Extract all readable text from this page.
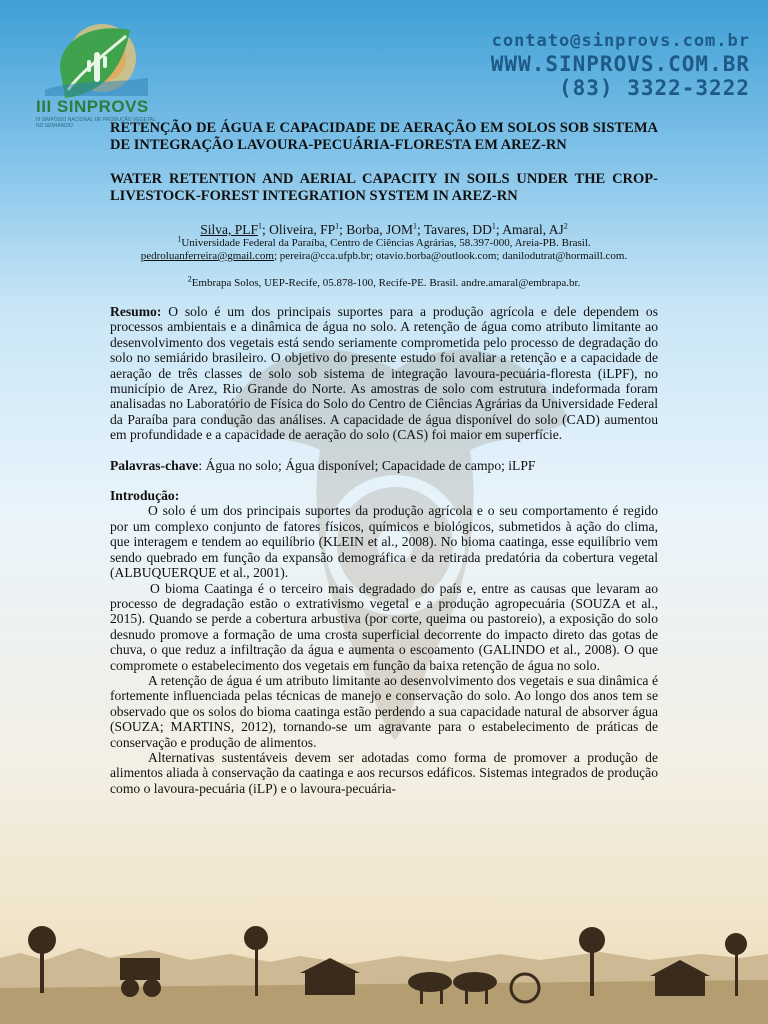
III SINPROVS
III SIMPÓSIO NACIONAL DE PRODUÇÃO VEGETAL NO SEMIÁRIDO
contato@sinprovs.com.br
WWW.SINPROVS.COM.BR
(83) 3322-3222

RETENÇÃO DE ÁGUA E CAPACIDADE DE AERAÇÃO EM SOLOS SOB SISTEMA DE INTEGRAÇÃO LAVOURA-PECUÁRIA-FLORESTA EM AREZ-RN

WATER RETENTION AND AERIAL CAPACITY IN SOILS UNDER THE CROP-LIVESTOCK-FOREST INTEGRATION SYSTEM IN AREZ-RN

Silva, PLF$^1$; Oliveira, $FP^1$; Borba, JOM$^1$; Tavares, $DD^1$; Amaral, $AJ^2$
$^1$Universidade Federal da Paraíba, Centro de Ciências Agrárias, 58.397-000, Areia-PB. Brasil.
pedroluanferreira@gmail.com; pereira@cca.ufpb.br; otavio.borba@outlook.com; danilodutrat@hormaill.com.
$^2$Embrapa Solos, UEP-Recife, 05.878-100, Recife-PE. Brasil. andre.amaral@embrapa.br.

Resumo: O solo é um dos principais suportes para a produção agrícola e dele dependem os processos ambientais e a dinâmica de água no solo. A retenção de água como atributo limitante ao desenvolvimento dos vegetais está sendo seriamente comprometida pelo processo de degradação do solo no semiárido brasileiro. O objetivo do presente estudo foi avaliar a retenção e a capacidade de aeração de três classes de solo sob sistema de integração lavoura-pecuária-floresta (iLPF), no município de Arez, Rio Grande do Norte. As amostras de solo com estrutura indeformada foram analisadas no Laboratório de Física do Solo do Centro de Ciências Agrárias da Universidade Federal da Paraíba para condução das análises. A capacidade de água disponível do solo (CAD) aumentou em profundidade e a capacidade de aeração do solo (CAS) foi maior em superfície.

Palavras-chave: Água no solo; Água disponível; Capacidade de campo; iLPF

Introdução:

O solo é um dos principais suportes da produção agrícola e o seu comportamento é regido por um complexo conjunto de fatores físicos, químicos e biológicos, submetidos à ação do clima, que interagem e tendem ao equilíbrio (KLEIN et al., 2008). No bioma caatinga, esse equilíbrio vem sendo quebrado em função da expansão demográfica e da retirada predatória da cobertura vegetal (ALBUQUERQUE et al., 2001).

O bioma Caatinga é o terceiro mais degradado do país e, entre as causas que levaram ao processo de degradação estão o extrativismo vegetal e a produção agropecuária (SOUZA et al., 2015). Quando se perde a cobertura arbustiva (por corte, queima ou pastoreio), a exposição do solo desnudo promove a formação de uma crosta superficial decorrente do impacto direto das gotas de chuva, o que reduz a infiltração da água e aumenta o escoamento (GALINDO et al., 2008). O que compromete o estabelecimento dos vegetais em função da baixa retenção de água no solo.

A retenção de água é um atributo limitante ao desenvolvimento dos vegetais e sua dinâmica é fortemente influenciada pelas técnicas de manejo e conservação do solo. Ao longo dos anos tem se observado que os solos do bioma caatinga estão perdendo a sua capacidade natural de absorver água (SOUZA; MARTINS, 2012), tornando-se um agravante para o estabelecimento de práticas de conservação e produção de alimentos.

Alternativas sustentáveis devem ser adotadas como forma de promover a produção de alimentos aliada à conservação da caatinga e aos recursos edáficos. Sistemas integrados de produção como o lavoura-pecuária (iLP) e o lavoura-pecuária-
